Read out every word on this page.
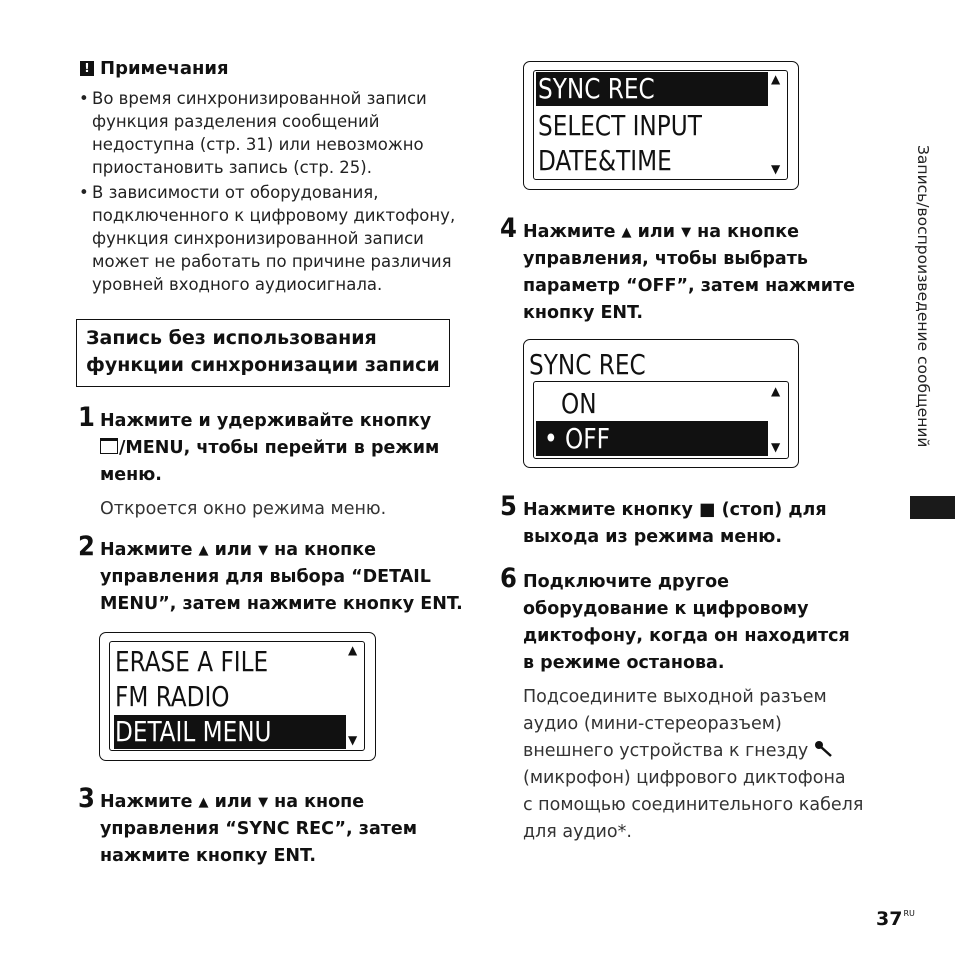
! Примечания
• Во время синхронизированной записи
функция разделения сообщений
недоступна (стр. 31) или невозможно
приостановить запись (стр. 25).
• В зависимости от оборудования,
подключенного к цифровому диктофону,
функция синхронизированной записи
может не работать по причине различия
уровней входного аудиосигнала.
Запись без использования
функции синхронизации записи
1 Нажмите и удерживайте кнопку
/MENU, чтобы перейти в режим
меню.
Откроется окно режима меню.
2 Нажмите ▲ или ▼ на кнопке
управления для выбора “DETAIL
MENU”, затем нажмите кнопку ENT.
ERASE A FILE
FM RADIO
DETAIL MENU
▲
▼
3 Нажмите ▲ или ▼ на кнопе
управления “SYNC REC”, затем
нажмите кнопку ENT.
SYNC REC
SELECT INPUT
DATE&TIME
▲
▼
4 Нажмите ▲ или ▼ на кнопке
управления, чтобы выбрать
параметр “OFF”, затем нажмите
кнопку ENT.
SYNC REC
ON
• OFF
▲
▼
5 Нажмите кнопку ■ (стоп) для
выхода из режима меню.
6 Подключите другое
оборудование к цифровому
диктофону, когда он находится
в режиме останова.
Подсоедините выходной разъем
аудио (мини-стереоразъем)
внешнего устройства к гнезду
(микрофон) цифрового диктофона
с помощью соединительного кабеля
для аудио*.
Запись/воспроизведение сообщений
$37^{RU}$
